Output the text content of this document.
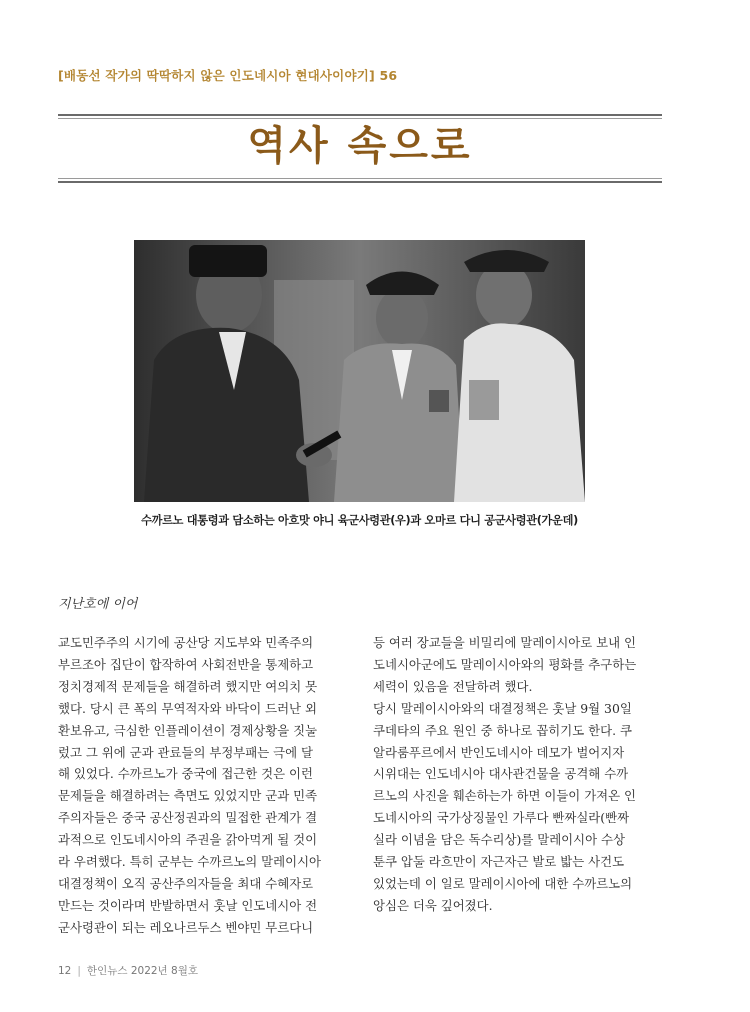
[배동선 작가의 딱딱하지 않은 인도네시아 현대사이야기] 56
역사 속으로
수까르노 대통령과 담소하는 아흐맛 야니 육군사령관(우)과 오마르 다니 공군사령관(가운데)
지난호에 이어

교도민주주의 시기에 공산당 지도부와 민족주의
부르조아 집단이 합작하여 사회전반을 통제하고
정치경제적 문제들을 해결하려 했지만 여의치 못
했다. 당시 큰 폭의 무역적자와 바닥이 드러난 외
환보유고, 극심한 인플레이션이 경제상황을 짓눌
렀고 그 위에 군과 관료들의 부정부패는 극에 달
해 있었다. 수까르노가 중국에 접근한 것은 이런
문제들을 해결하려는 측면도 있었지만 군과 민족
주의자들은 중국 공산정권과의 밀접한 관계가 결
과적으로 인도네시아의 주권을 갉아먹게 될 것이
라 우려했다. 특히 군부는 수까르노의 말레이시아
대결정책이 오직 공산주의자들을 최대 수혜자로
만드는 것이라며 반발하면서 훗날 인도네시아 전
군사령관이 되는 레오나르두스 벤야민 무르다니

등 여러 장교들을 비밀리에 말레이시아로 보내 인
도네시아군에도 말레이시아와의 평화를 추구하는
세력이 있음을 전달하려 했다.
당시 말레이시아와의 대결정책은 훗날 9월 30일
쿠데타의 주요 원인 중 하나로 꼽히기도 한다. 쿠
알라룸푸르에서 반인도네시아 데모가 벌어지자
시위대는 인도네시아 대사관건물을 공격해 수까
르노의 사진을 훼손하는가 하면 이들이 가져온 인
도네시아의 국가상징물인 가루다 빤짜실라(빤짜
실라 이념을 담은 독수리상)를 말레이시아 수상
툰쿠 압둘 라흐만이 자근자근 발로 밟는 사건도
있었는데 이 일로 말레이시아에 대한 수까르노의
앙심은 더욱 깊어졌다.

12 | 한인뉴스 2022년 8월호
